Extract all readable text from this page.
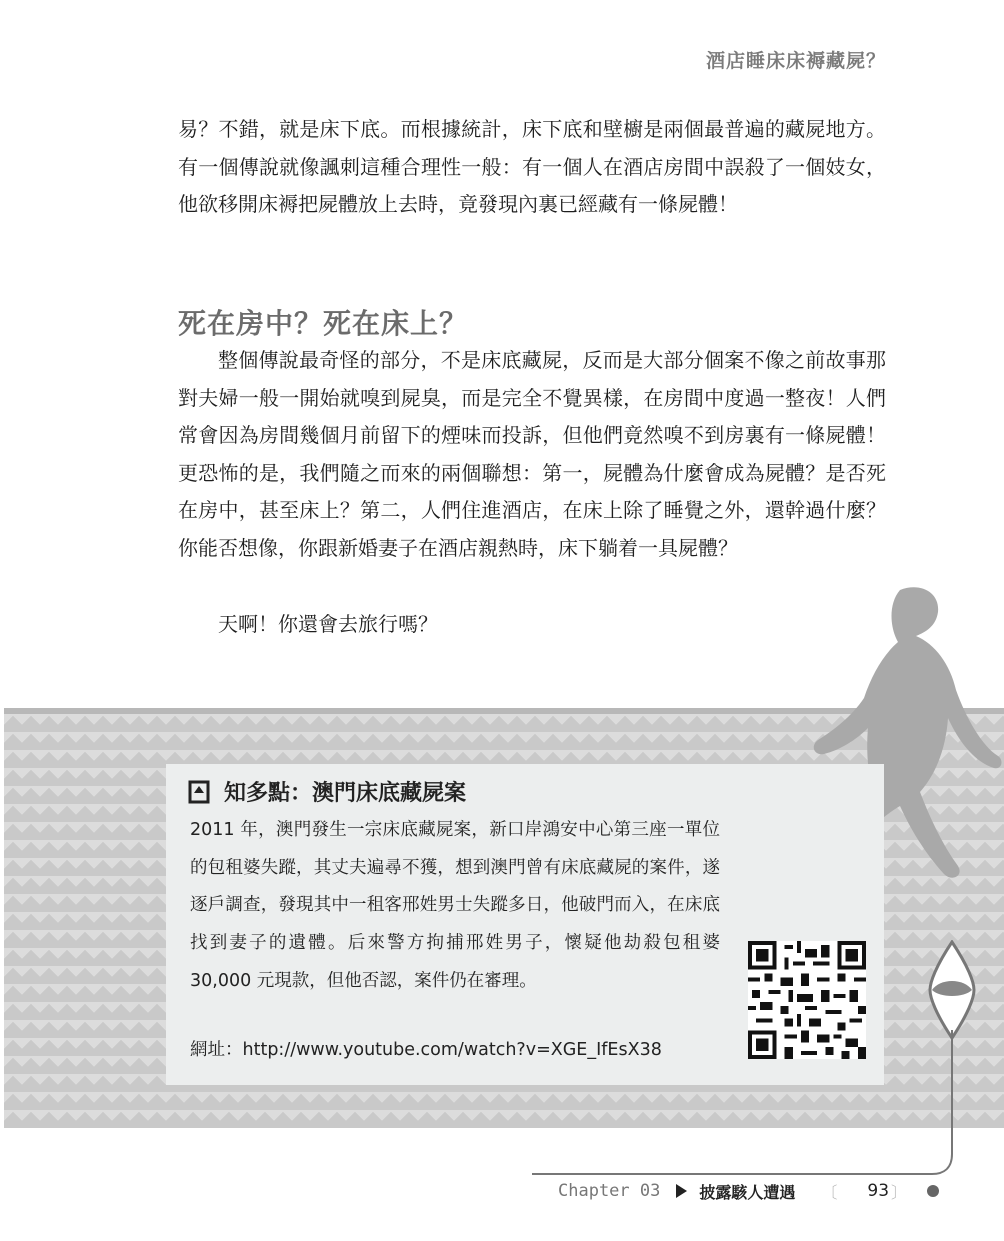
酒店睡床床褥藏屍？
易？不錯，就是床下底。而根據統計，床下底和壁櫥是兩個最普遍的藏屍地方。有一個傳說就像諷刺這種合理性一般：有一個人在酒店房間中誤殺了一個妓女，他欲移開床褥把屍體放上去時，竟發現內裏已經藏有一條屍體！
死在房中？死在床上？
整個傳說最奇怪的部分，不是床底藏屍，反而是大部分個案不像之前故事那對夫婦一般一開始就嗅到屍臭，而是完全不覺異樣，在房間中度過一整夜！人們常會因為房間幾個月前留下的煙味而投訴，但他們竟然嗅不到房裏有一條屍體！更恐怖的是，我們隨之而來的兩個聯想：第一，屍體為什麼會成為屍體？是否死在房中，甚至床上？第二，人們住進酒店，在床上除了睡覺之外，還幹過什麼？你能否想像，你跟新婚妻子在酒店親熱時，床下躺着一具屍體？
天啊！你還會去旅行嗎？
知多點：澳門床底藏屍案
2011 年，澳門發生一宗床底藏屍案，新口岸鴻安中心第三座一單位的包租婆失蹤，其丈夫遍尋不獲，想到澳門曾有床底藏屍的案件，遂逐戶調查，發現其中一租客邢姓男士失蹤多日，他破門而入，在床底找到妻子的遺體。后來警方拘捕邢姓男子，懷疑他劫殺包租婆 30,000 元現款，但他否認，案件仍在審理。
網址：http://www.youtube.com/watch?v=XGE_IfEsX38
Chapter 03 披露駭人遭遇 〔 93 〕
